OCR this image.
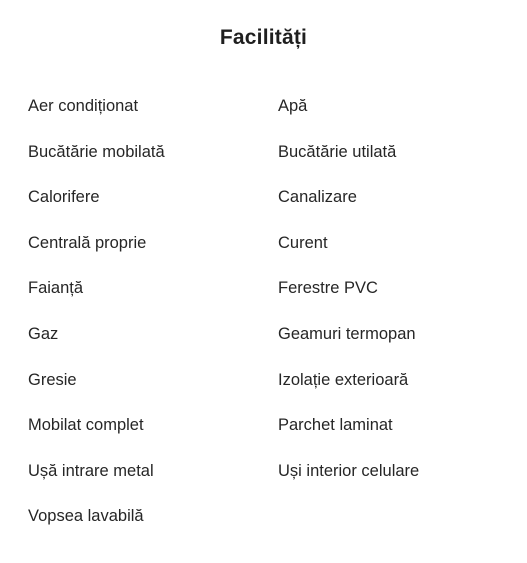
Facilități
Aer condiționat	Apă
Bucătărie mobilată	Bucătărie utilată
Calorifere	Canalizare
Centrală proprie	Curent
Faianță	Ferestre PVC
Gaz	Geamuri termopan
Gresie	Izolație exterioară
Mobilat complet	Parchet laminat
Ușă intrare metal	Uși interior celulare
Vopsea lavabilă
